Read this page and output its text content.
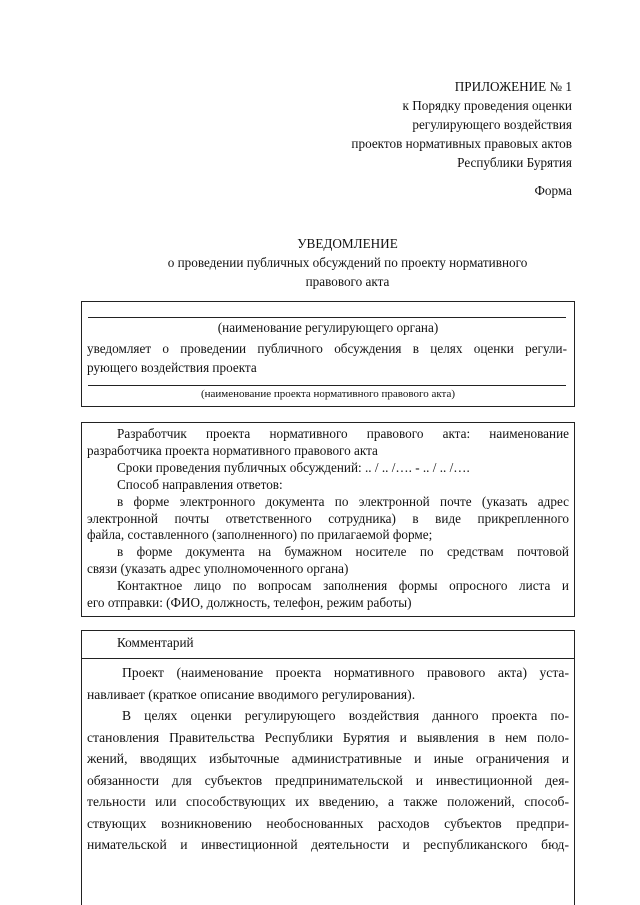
ПРИЛОЖЕНИЕ № 1
к Порядку проведения оценки
регулирующего воздействия
проектов нормативных правовых актов
Республики Бурятия
Форма
УВЕДОМЛЕНИЕ
о проведении публичных обсуждений по проекту нормативного
правового акта
(наименование регулирующего органа)
уведомляет о проведении публичного обсуждения в целях оценки регули-
рующего воздействия проекта
(наименование проекта нормативного правового акта)
Разработчик проекта нормативного правового акта: наименование
разработчика проекта нормативного правового акта
Сроки проведения публичных обсуждений: .. / .. /…. - .. / .. /….
Способ направления ответов:
в форме электронного документа по электронной почте (указать адрес
электронной почты ответственного сотрудника) в виде прикрепленного
файла, составленного (заполненного) по прилагаемой форме;
в форме документа на бумажном носителе по средствам почтовой
связи (указать адрес уполномоченного органа)
Контактное лицо по вопросам заполнения формы опросного листа и
его отправки: (ФИО, должность, телефон, режим работы)
Комментарий
Проект (наименование проекта нормативного правового акта) уста-
навливает (краткое описание вводимого регулирования).
В целях оценки регулирующего воздействия данного проекта по-
становления Правительства Республики Бурятия и выявления в нем поло-
жений, вводящих избыточные административные и иные ограничения и
обязанности для субъектов предпринимательской и инвестиционной дея-
тельности или способствующих их введению, а также положений, способ-
ствующих возникновению необоснованных расходов субъектов предпри-
нимательской и инвестиционной деятельности и республиканского бюд-
